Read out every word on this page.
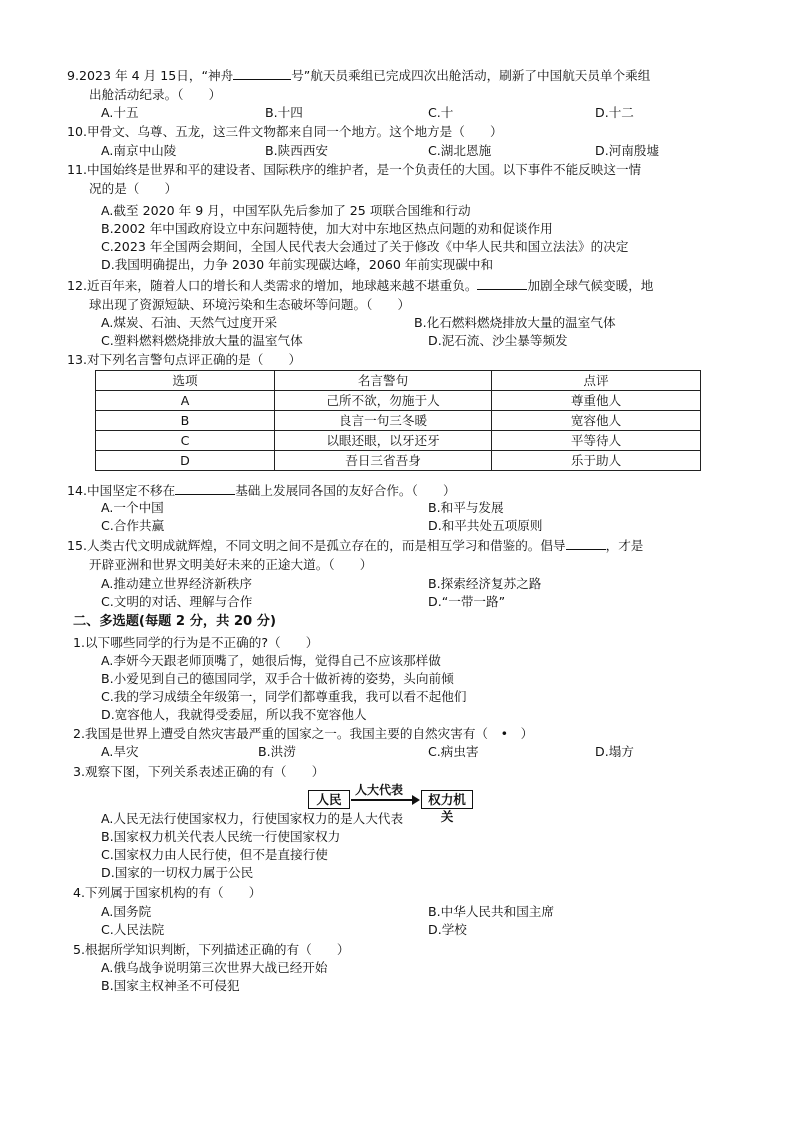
9.2023 年 4 月 15日，“神舟	号”航天员乘组已完成四次出舱活动，刷新了中国航天员单个乘组
出舱活动纪录。（　　）
A.十五	B.十四	C.十	D.十二
10.甲骨文、乌尊、五龙，这三件文物都来自同一个地方。这个地方是（　　）
A.南京中山陵	B.陕西西安	C.湖北恩施	D.河南殷墟
11.中国始终是世界和平的建设者、国际秩序的维护者，是一个负责任的大国。以下事件不能反映这一情
况的是（　　）
A.截至 2020 年 9 月，中国军队先后参加了 25 项联合国维和行动
B.2002 年中国政府设立中东问题特使，加大对中东地区热点问题的劝和促谈作用
C.2023 年全国两会期间，全国人民代表大会通过了关于修改《中华人民共和国立法法》的决定
D.我国明确提出，力争 2030 年前实现碳达峰，2060 年前实现碳中和
12.近百年来，随着人口的增长和人类需求的增加，地球越来越不堪重负。	加剧全球气候变暖，地
球出现了资源短缺、环境污染和生态破坏等问题。（　　）
A.煤炭、石油、天然气过度开采	B.化石燃料燃烧排放大量的温室气体
C.塑料燃料燃烧排放大量的温室气体	D.泥石流、沙尘暴等频发
13.对下列名言警句点评正确的是（　　）
选项	名言警句	点评
A	己所不欲，勿施于人	尊重他人
B	良言一句三冬暖	宽容他人
C	以眼还眼，以牙还牙	平等待人
D	吾日三省吾身	乐于助人
14.中国坚定不移在	基础上发展同各国的友好合作。（　　）
A.一个中国	B.和平与发展
C.合作共赢	D.和平共处五项原则
15.人类古代文明成就辉煌，不同文明之间不是孤立存在的，而是相互学习和借鉴的。倡导	，才是
开辟亚洲和世界文明美好未来的正途大道。（　　）
A.推动建立世界经济新秩序	B.探索经济复苏之路
C.文明的对话、理解与合作	D.“一带一路”
二、多选题(每题 2 分，共 20 分)
1.以下哪些同学的行为是不正确的?（　　）
A.李妍今天跟老师顶嘴了，她很后悔，觉得自己不应该那样做
B.小爱见到自己的德国同学，双手合十做祈祷的姿势，头向前倾
C.我的学习成绩全年级第一，同学们都尊重我，我可以看不起他们
D.宽容他人，我就得受委屈，所以我不宽容他人
2.我国是世界上遭受自然灾害最严重的国家之一。我国主要的自然灾害有（　•　）
A.旱灾	B.洪涝	C.病虫害	D.塌方
3.观察下图，下列关系表述正确的有（　　）
人民
人大代表
权力机关
A.人民无法行使国家权力，行使国家权力的是人大代表
B.国家权力机关代表人民统一行使国家权力
C.国家权力由人民行使，但不是直接行使
D.国家的一切权力属于公民
4.下列属于国家机构的有（　　）
A.国务院	B.中华人民共和国主席
C.人民法院	D.学校
5.根据所学知识判断，下列描述正确的有（　　）
A.俄乌战争说明第三次世界大战已经开始
B.国家主权神圣不可侵犯
